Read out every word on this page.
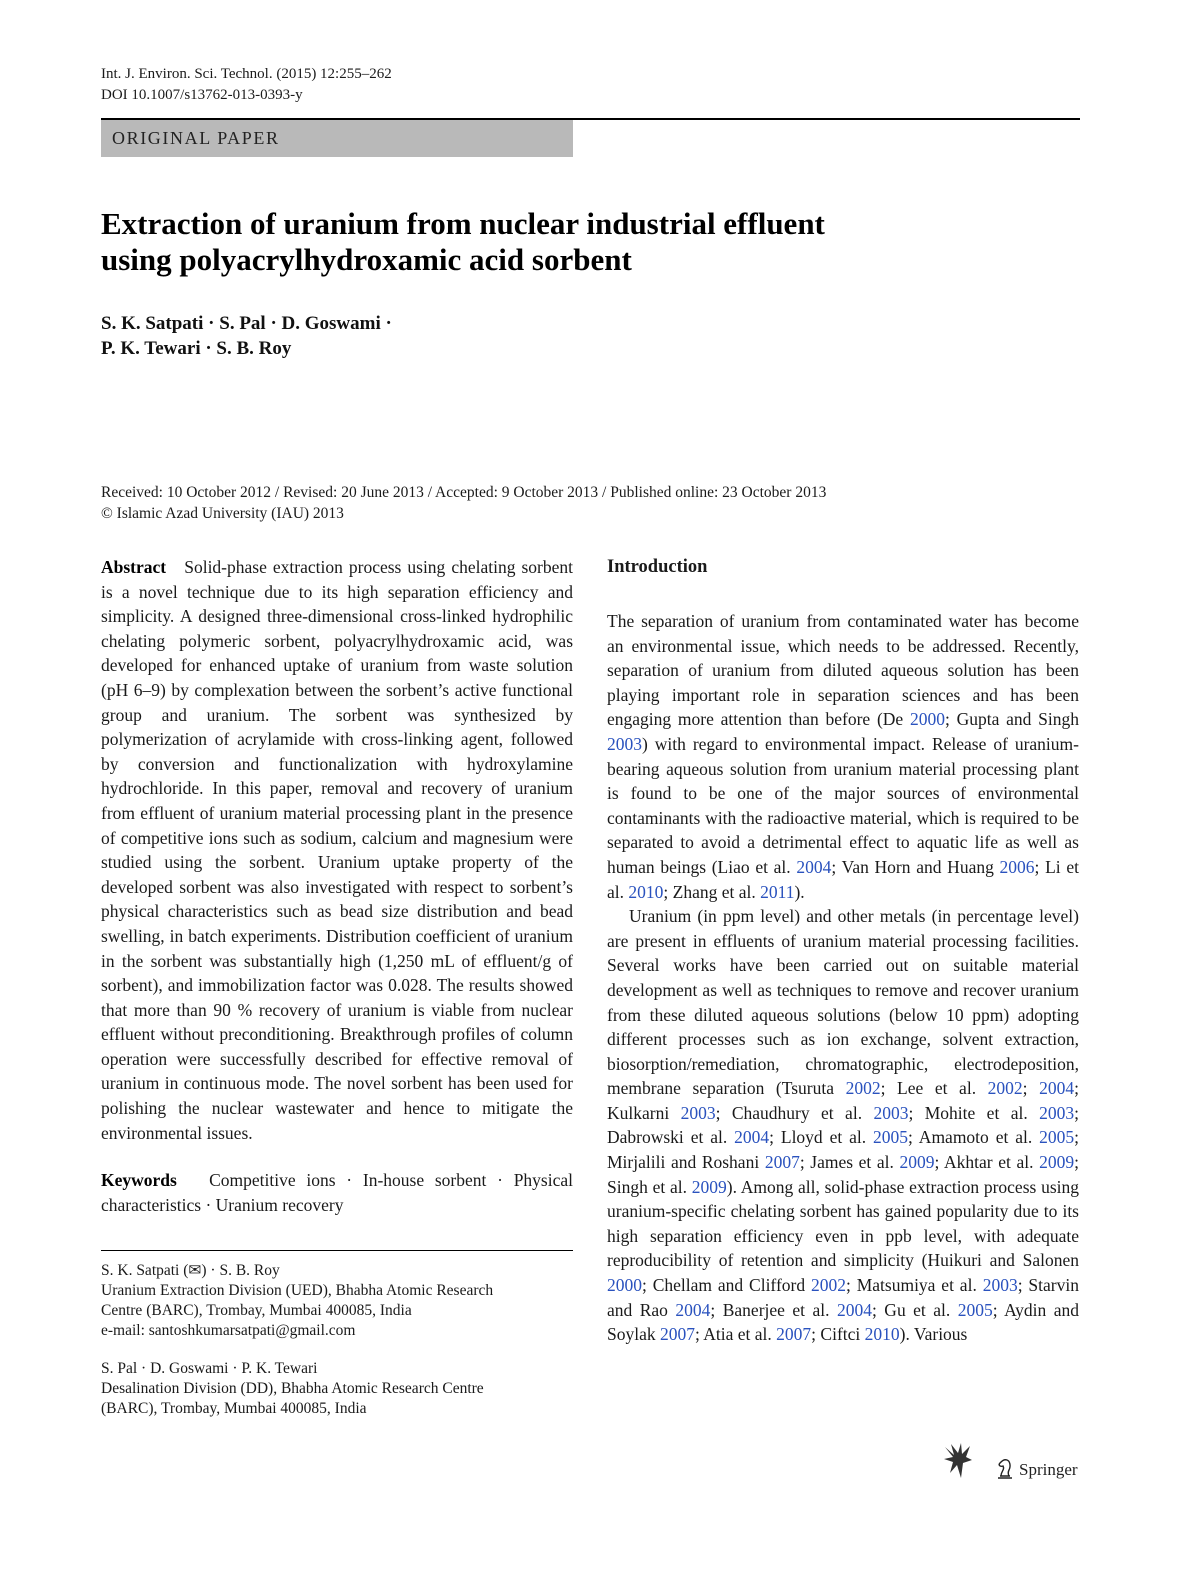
Int. J. Environ. Sci. Technol. (2015) 12:255–262
DOI 10.1007/s13762-013-0393-y
ORIGINAL PAPER
Extraction of uranium from nuclear industrial effluent
using polyacrylhydroxamic acid sorbent
S. K. Satpati · S. Pal · D. Goswami ·
P. K. Tewari · S. B. Roy
Received: 10 October 2012 / Revised: 20 June 2013 / Accepted: 9 October 2013 / Published online: 23 October 2013
© Islamic Azad University (IAU) 2013

Abstract Solid-phase extraction process using chelating sorbent is a novel technique due to its high separation efficiency and simplicity. A designed three-dimensional cross-linked hydrophilic chelating polymeric sorbent, polyacrylhydroxamic acid, was developed for enhanced uptake of uranium from waste solution (pH 6–9) by complexation between the sorbent’s active functional group and uranium. The sorbent was synthesized by polymerization of acrylamide with cross-linking agent, followed by conversion and functionalization with hydroxylamine hydrochloride. In this paper, removal and recovery of uranium from effluent of uranium material processing plant in the presence of competitive ions such as sodium, calcium and magnesium were studied using the sorbent. Uranium uptake property of the developed sorbent was also investigated with respect to sorbent’s physical characteristics such as bead size distribution and bead swelling, in batch experiments. Distribution coefficient of uranium in the sorbent was substantially high (1,250 mL of effluent/g of sorbent), and immobilization factor was 0.028. The results showed that more than 90 % recovery of uranium is viable from nuclear effluent without preconditioning. Breakthrough profiles of column operation were successfully described for effective removal of uranium in continuous mode. The novel sorbent has been used for polishing the nuclear wastewater and hence to mitigate the environmental issues.

Keywords Competitive ions · In-house sorbent · Physical characteristics · Uranium recovery

S. K. Satpati (✉) · S. B. Roy
Uranium Extraction Division (UED), Bhabha Atomic Research
Centre (BARC), Trombay, Mumbai 400085, India
e-mail: santoshkumarsatpati@gmail.com
S. Pal · D. Goswami · P. K. Tewari
Desalination Division (DD), Bhabha Atomic Research Centre
(BARC), Trombay, Mumbai 400085, India
Introduction

The separation of uranium from contaminated water has become an environmental issue, which needs to be addressed. Recently, separation of uranium from diluted aqueous solution has been playing important role in separation sciences and has been engaging more attention than before (De 2000; Gupta and Singh 2003) with regard to environmental impact. Release of uranium-bearing aqueous solution from uranium material processing plant is found to be one of the major sources of environmental contaminants with the radioactive material, which is required to be separated to avoid a detrimental effect to aquatic life as well as human beings (Liao et al. 2004; Van Horn and Huang 2006; Li et al. 2010; Zhang et al. 2011).

Uranium (in ppm level) and other metals (in percentage level) are present in effluents of uranium material processing facilities. Several works have been carried out on suitable material development as well as techniques to remove and recover uranium from these diluted aqueous solutions (below 10 ppm) adopting different processes such as ion exchange, solvent extraction, biosorption/remediation, chromatographic, electrodeposition, membrane separation (Tsuruta 2002; Lee et al. 2002; 2004; Kulkarni 2003; Chaudhury et al. 2003; Mohite et al. 2003; Dabrowski et al. 2004; Lloyd et al. 2005; Amamoto et al. 2005; Mirjalili and Roshani 2007; James et al. 2009; Akhtar et al. 2009; Singh et al. 2009). Among all, solid-phase extraction process using uranium-specific chelating sorbent has gained popularity due to its high separation efficiency even in ppb level, with adequate reproducibility of retention and simplicity (Huikuri and Salonen 2000; Chellam and Clifford 2002; Matsumiya et al. 2003; Starvin and Rao 2004; Banerjee et al. 2004; Gu et al. 2005; Aydin and Soylak 2007; Atia et al. 2007; Ciftci 2010). Various

Springer
